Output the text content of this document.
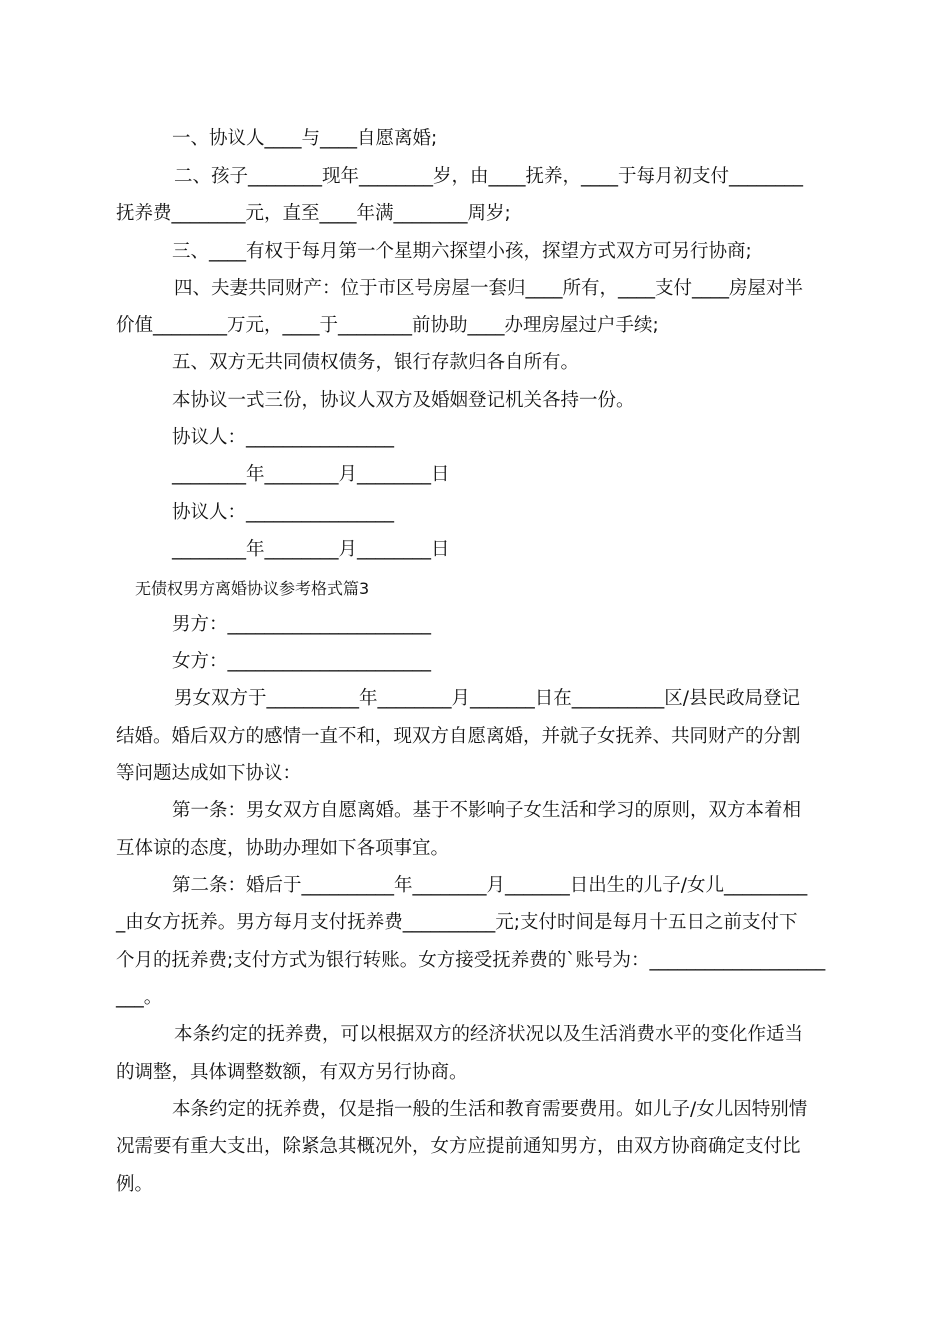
一、协议人____与____自愿离婚;
二、孩子________现年________岁，由____抚养，____于每月初支付________
抚养费________元，直至____年满________周岁;
三、____有权于每月第一个星期六探望小孩，探望方式双方可另行协商;
四、夫妻共同财产：位于市区号房屋一套归____所有，____支付____房屋对半
价值________万元，____于________前协助____办理房屋过户手续;
五、双方无共同债权债务，银行存款归各自所有。
本协议一式三份，协议人双方及婚姻登记机关各持一份。
协议人：________________
________年________月________日
协议人：________________
________年________月________日
无债权男方离婚协议参考格式篇3
男方：______________________
女方：______________________
男女双方于__________年________月_______日在__________区/县民政局登记
结婚。婚后双方的感情一直不和，现双方自愿离婚，并就子女抚养、共同财产的分割
等问题达成如下协议：
第一条：男女双方自愿离婚。基于不影响子女生活和学习的原则，双方本着相
互体谅的态度，协助办理如下各项事宜。
第二条：婚后于__________年________月_______日出生的儿子/女儿_________
_由女方抚养。男方每月支付抚养费__________元;支付时间是每月十五日之前支付下
个月的抚养费;支付方式为银行转账。女方接受抚养费的`账号为：___________________
___。
本条约定的抚养费，可以根据双方的经济状况以及生活消费水平的变化作适当
的调整，具体调整数额，有双方另行协商。
本条约定的抚养费，仅是指一般的生活和教育需要费用。如儿子/女儿因特别情
况需要有重大支出，除紧急其概况外，女方应提前通知男方，由双方协商确定支付比
例。
